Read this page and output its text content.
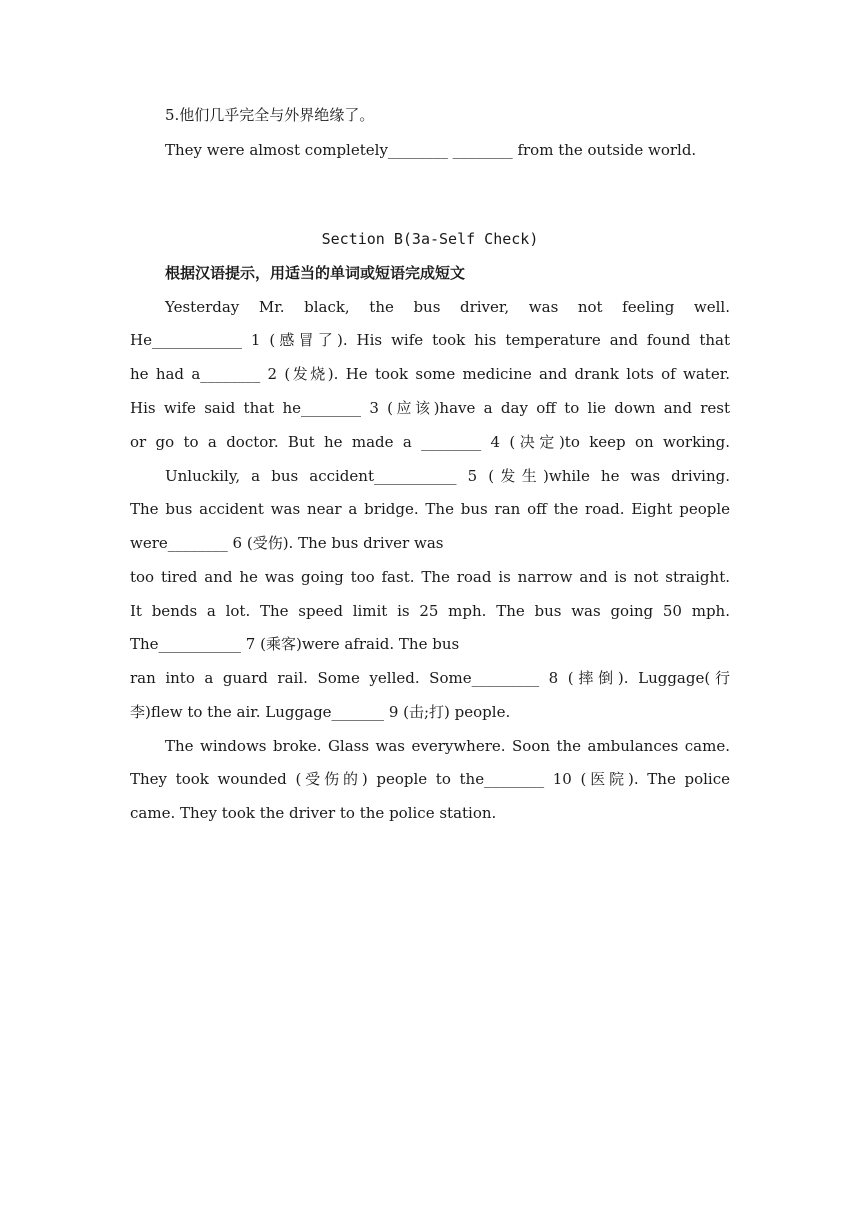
5.他们几乎完全与外界绝缘了。
They were almost completely________ ________ from the outside world.
Section B(3a-Self Check)
根据汉语提示，用适当的单词或短语完成短文
Yesterday Mr. black, the bus driver, was not feeling well.
He____________ 1 (感冒了). His wife took his temperature and found that
he had a________ 2 (发烧). He took some medicine and drank lots of water.
His wife said that he________ 3 (应该)have a day off to lie down and rest
or go to a doctor. But he made a ________ 4 (决定)to keep on working.
Unluckily, a bus accident___________ 5 (发生)while he was driving.
The bus accident was near a bridge. The bus ran off the road. Eight people
were________ 6 (受伤). The bus driver was
too tired and he was going too fast. The road is narrow and is not straight.
It bends a lot. The speed limit is 25 mph. The bus was going 50 mph.
The___________ 7 (乘客)were afraid. The bus
ran into a guard rail. Some yelled. Some_________ 8 (摔倒). Luggage(行
李)flew to the air. Luggage_______ 9 (击;打) people.
The windows broke. Glass was everywhere. Soon the ambulances came.
They took wounded (受伤的) people to the________ 10 (医院). The police
came. They took the driver to the police station.
